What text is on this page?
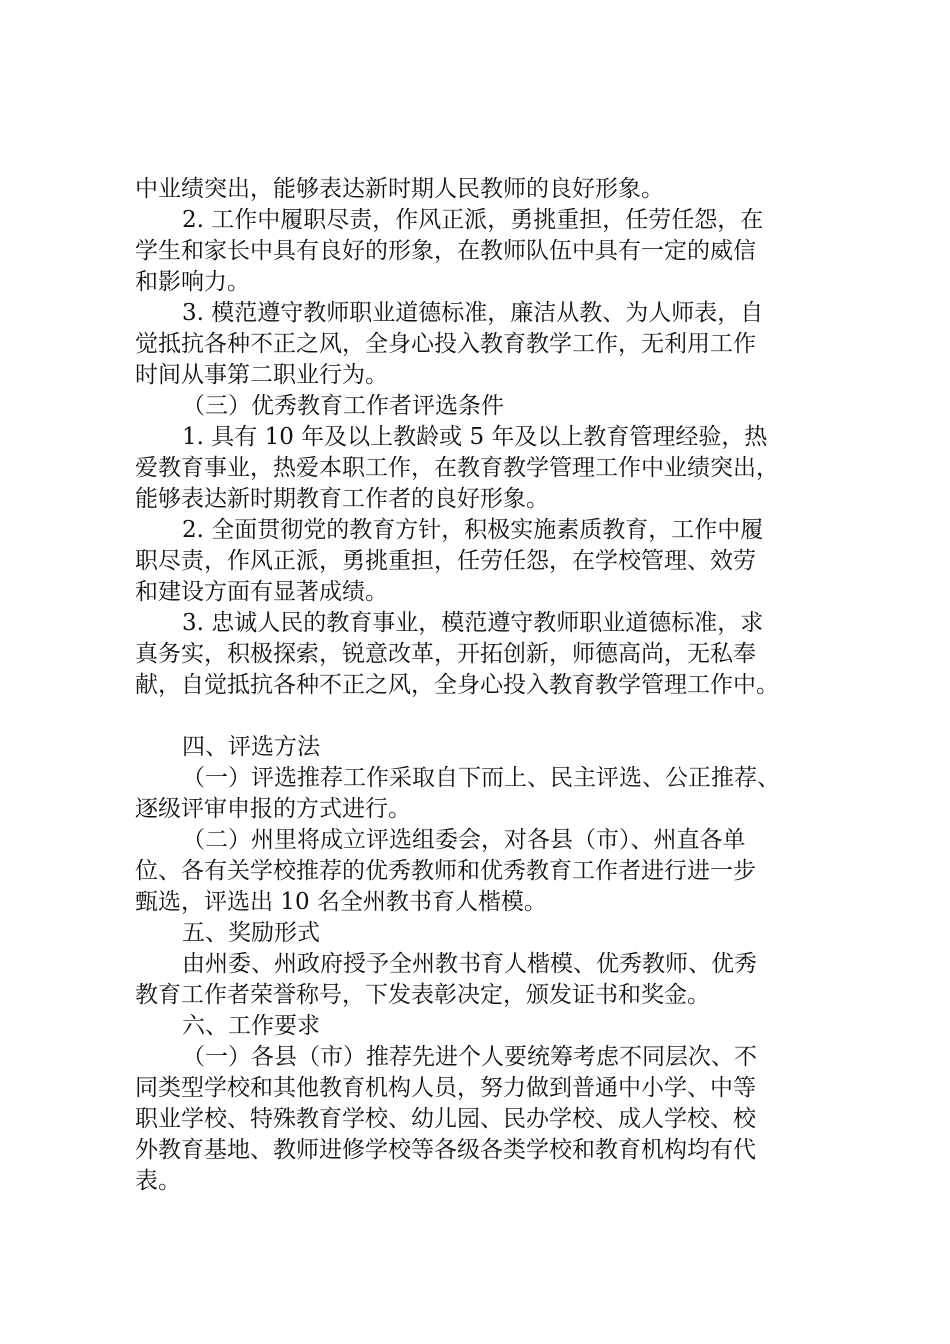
中业绩突出，能够表达新时期人民教师的良好形象。
2. 工作中履职尽责，作风正派，勇挑重担，任劳任怨，在
学生和家长中具有良好的形象，在教师队伍中具有一定的威信
和影响力。
3. 模范遵守教师职业道德标准，廉洁从教、为人师表，自
觉抵抗各种不正之风，全身心投入教育教学工作，无利用工作
时间从事第二职业行为。
（三）优秀教育工作者评选条件
1. 具有 10 年及以上教龄或 5 年及以上教育管理经验，热
爱教育事业，热爱本职工作，在教育教学管理工作中业绩突出，
能够表达新时期教育工作者的良好形象。
2. 全面贯彻党的教育方针，积极实施素质教育，工作中履
职尽责，作风正派，勇挑重担，任劳任怨，在学校管理、效劳
和建设方面有显著成绩。
3. 忠诚人民的教育事业，模范遵守教师职业道德标准，求
真务实，积极探索，锐意改革，开拓创新，师德高尚，无私奉
献，自觉抵抗各种不正之风，全身心投入教育教学管理工作中。
四、评选方法
（一）评选推荐工作采取自下而上、民主评选、公正推荐、
逐级评审申报的方式进行。
（二）州里将成立评选组委会，对各县（市）、州直各单
位、各有关学校推荐的优秀教师和优秀教育工作者进行进一步
甄选，评选出 10 名全州教书育人楷模。
五、奖励形式
由州委、州政府授予全州教书育人楷模、优秀教师、优秀
教育工作者荣誉称号，下发表彰决定，颁发证书和奖金。
六、工作要求
（一）各县（市）推荐先进个人要统筹考虑不同层次、不
同类型学校和其他教育机构人员，努力做到普通中小学、中等
职业学校、特殊教育学校、幼儿园、民办学校、成人学校、校
外教育基地、教师进修学校等各级各类学校和教育机构均有代
表。
